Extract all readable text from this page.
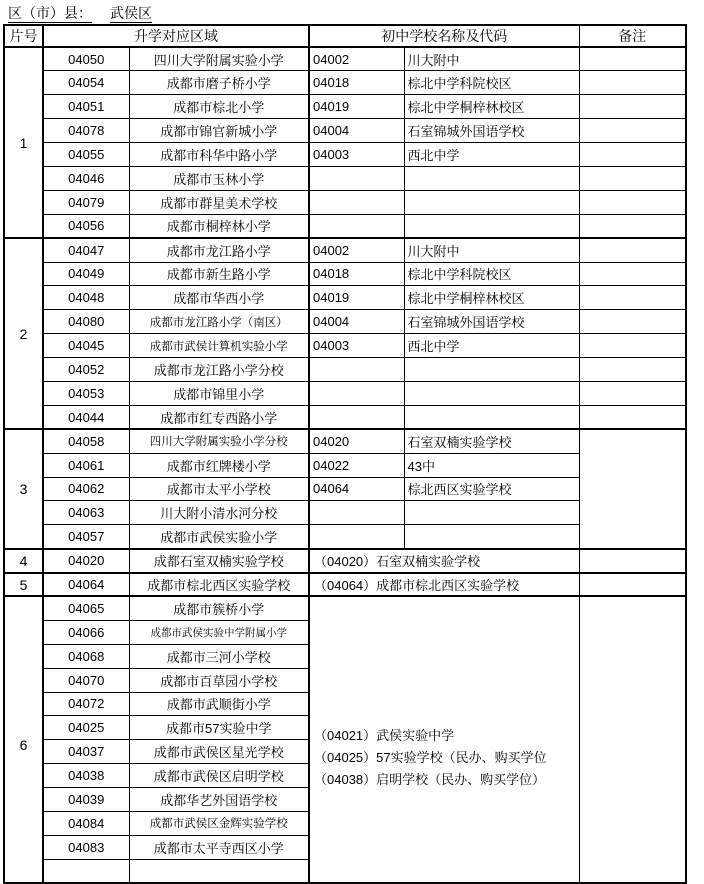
区（市）县： 武侯区
片号	升学对应区域		初中学校名称及代码		备注
1	04050	四川大学附属实验小学	04002	川大附中	
	04054	成都市磨子桥小学	04018	棕北中学科院校区	
	04051	成都市棕北小学	04019	棕北中学桐梓林校区	
	04078	成都市锦官新城小学	04004	石室锦城外国语学校	
	04055	成都市科华中路小学	04003	西北中学	
	04046	成都市玉林小学			
	04079	成都市群星美术学校			
	04056	成都市桐梓林小学			
2	04047	成都市龙江路小学	04002	川大附中	
	04049	成都市新生路小学	04018	棕北中学科院校区	
	04048	成都市华西小学	04019	棕北中学桐梓林校区	
	04080	成都市龙江路小学（南区）	04004	石室锦城外国语学校	
	04045	成都市武侯计算机实验小学	04003	西北中学	
	04052	成都市龙江路小学分校			
	04053	成都市锦里小学			
	04044	成都市红专西路小学			
3	04058	四川大学附属实验小学分校	04020	石室双楠实验学校	
	04061	成都市红牌楼小学	04022	43中	
	04062	成都市太平小学校	04064	棕北西区实验学校	
	04063	川大附小清水河分校			
	04057	成都市武侯实验小学			
4	04020	成都石室双楠实验学校	（04020）石室双楠实验学校		
5	04064	成都市棕北西区实验学校	（04064）成都市棕北西区实验学校		
6	04065	成都市簇桥小学	（04021）武侯实验中学
（04025）57实验学校（民办、购买学位
（04038）启明学校（民办、购买学位）		

	04066	成都市武侯实验中学附属小学			
	04068	成都市三河小学校			
	04070	成都市百草园小学校			
	04072	成都市武顺街小学			
	04025	成都市57实验中学			
	04037	成都市武侯区星光学校			
	04038	成都市武侯区启明学校			
	04039	成都华艺外国语学校			
	04084	成都市武侯区金辉实验学校			
	04083	成都市太平寺西区小学			
